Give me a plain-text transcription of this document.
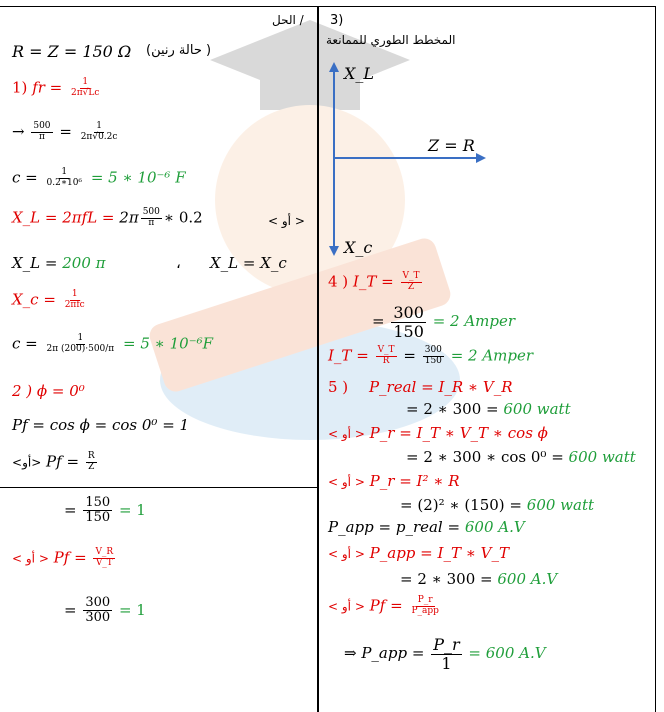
الحل /
R = Z = 150 Ω (حالة رنين )
1) fr = $\frac{1}{2\pi√Lc}$
→ $\frac{500}{\pi} = \frac{1}{2\pi√0.2c}$
$c = \frac{1}{\text{0.2∗10⁶}} = 5$ ∗ 10⁻⁶ F
X_L = $2\pi fL = 2\pi \frac{500}{\pi}$ ∗ 0.2	< أو >
X_L = 200 π	، X_L = X_c
X_c = $\frac{1}{\text{2πfc}}$
$c = \frac{1}{2\pi (200)\cdot 500/\pi} = 5$ ∗ 10⁻⁶F
2 ) ϕ = 0⁰
Pf = cos ϕ = cos 0⁰ = 1
<أو> $Pf = \frac{R}{Z}$
= $\frac{150}{150} = 1$
< أو > $Pf = \frac{V\_R}{V\_T}$
= $\frac{300}{300} = 1$
3)
المخطط الطوري للممانعة
X_L
Z = R
X_c
4 ) I_T = $\frac{V\_T}{Z}$
= $\frac{300}{150} = 2$ Amper
I_T = $\frac{V\_T}{R} = \frac{300}{150} = 2$ Amper
5 ) P_real = I_R ∗ V_R
= 2 ∗ 300 = 600 watt
< أو > P_r = I_T ∗ V_T ∗ cos ϕ
= 2 ∗ 300 ∗ cos 0⁰ = 600 watt
< أو > P_r = I² ∗ R
= (2)² ∗ (150) = 600 watt
P_app = p_real = 600 A.V
< أو > P_app = I_T ∗ V_T
= 2 ∗ 300 = 600 A.V
< أو > $Pf = \frac{P\_r}{\text{P\_app}}$
⇒ P_app = $\frac{P\_r}{1} = 600$ A.V
